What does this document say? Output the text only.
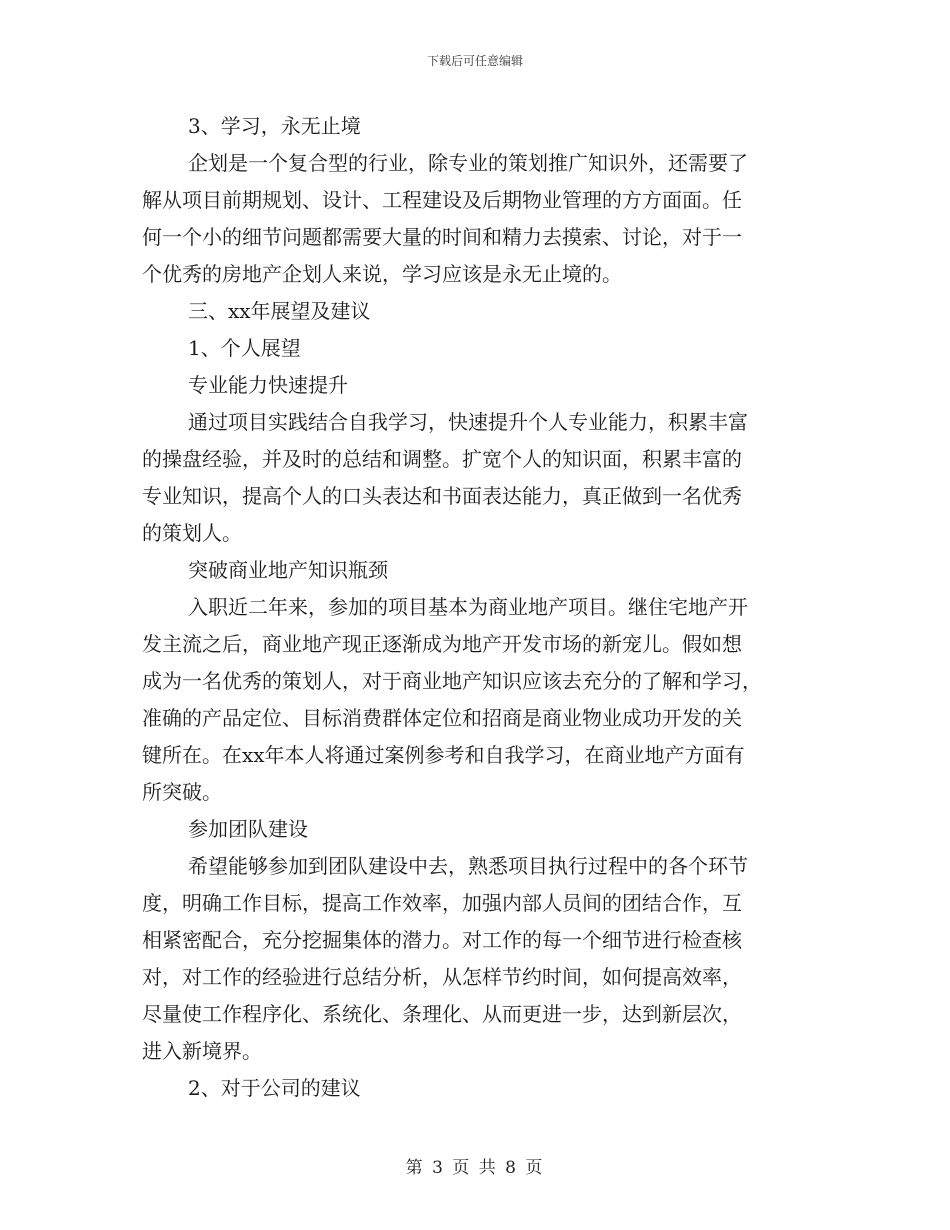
下载后可任意编辑
3、学习，永无止境
企划是一个复合型的行业，除专业的策划推广知识外，还需要了
解从项目前期规划、设计、工程建设及后期物业管理的方方面面。任
何一个小的细节问题都需要大量的时间和精力去摸索、讨论，对于一
个优秀的房地产企划人来说，学习应该是永无止境的。
三、xx年展望及建议
1、个人展望
专业能力快速提升
通过项目实践结合自我学习，快速提升个人专业能力，积累丰富
的操盘经验，并及时的总结和调整。扩宽个人的知识面，积累丰富的
专业知识，提高个人的口头表达和书面表达能力，真正做到一名优秀
的策划人。
突破商业地产知识瓶颈
入职近二年来，参加的项目基本为商业地产项目。继住宅地产开
发主流之后，商业地产现正逐渐成为地产开发市场的新宠儿。假如想
成为一名优秀的策划人，对于商业地产知识应该去充分的了解和学习，
准确的产品定位、目标消费群体定位和招商是商业物业成功开发的关
键所在。在xx年本人将通过案例参考和自我学习，在商业地产方面有
所突破。
参加团队建设
希望能够参加到团队建设中去，熟悉项目执行过程中的各个环节
度，明确工作目标，提高工作效率，加强内部人员间的团结合作，互
相紧密配合，充分挖掘集体的潜力。对工作的每一个细节进行检查核
对，对工作的经验进行总结分析，从怎样节约时间，如何提高效率，
尽量使工作程序化、系统化、条理化、从而更进一步，达到新层次，
进入新境界。
2、对于公司的建议
第 3 页 共 8 页
